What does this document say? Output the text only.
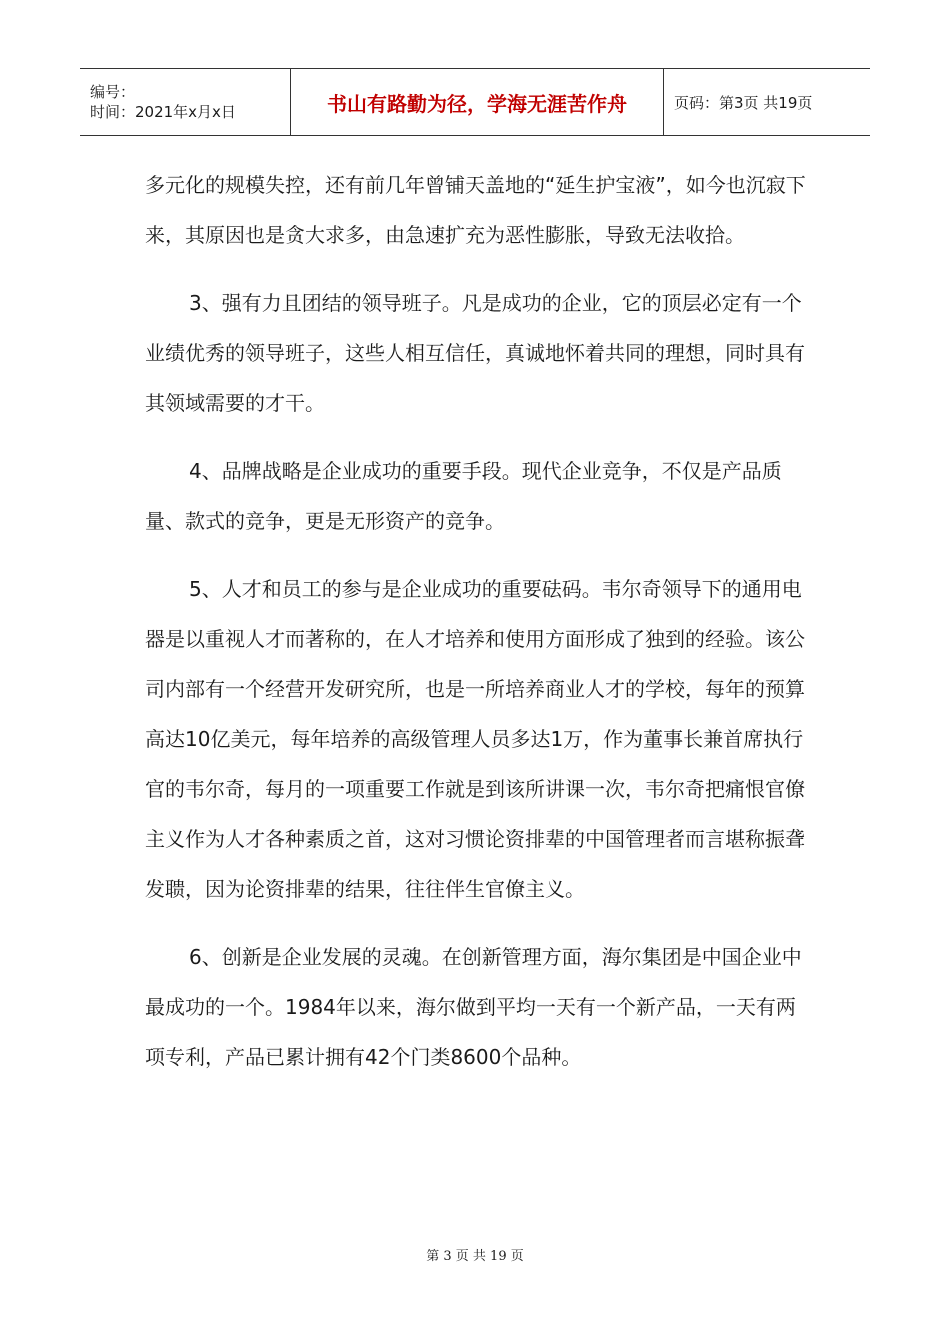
编号：
时间：2021年x月x日	书山有路勤为径，学海无涯苦作舟	页码：第3页 共19页

多元化的规模失控，还有前几年曾铺天盖地的“延生护宝液”，如今也沉寂下来，其原因也是贪大求多，由急速扩充为恶性膨胀，导致无法收拾。

3、强有力且团结的领导班子。凡是成功的企业，它的顶层必定有一个业绩优秀的领导班子，这些人相互信任，真诚地怀着共同的理想，同时具有其领域需要的才干。

4、品牌战略是企业成功的重要手段。现代企业竞争，不仅是产品质量、款式的竞争，更是无形资产的竞争。

5、人才和员工的参与是企业成功的重要砝码。韦尔奇领导下的通用电器是以重视人才而著称的，在人才培养和使用方面形成了独到的经验。该公司内部有一个经营开发研究所，也是一所培养商业人才的学校，每年的预算高达10亿美元，每年培养的高级管理人员多达1万，作为董事长兼首席执行官的韦尔奇，每月的一项重要工作就是到该所讲课一次，韦尔奇把痛恨官僚主义作为人才各种素质之首，这对习惯论资排辈的中国管理者而言堪称振聋发聩，因为论资排辈的结果，往往伴生官僚主义。

6、创新是企业发展的灵魂。在创新管理方面，海尔集团是中国企业中最成功的一个。1984年以来，海尔做到平均一天有一个新产品，一天有两项专利，产品已累计拥有42个门类8600个品种。

第 3 页 共 19 页
